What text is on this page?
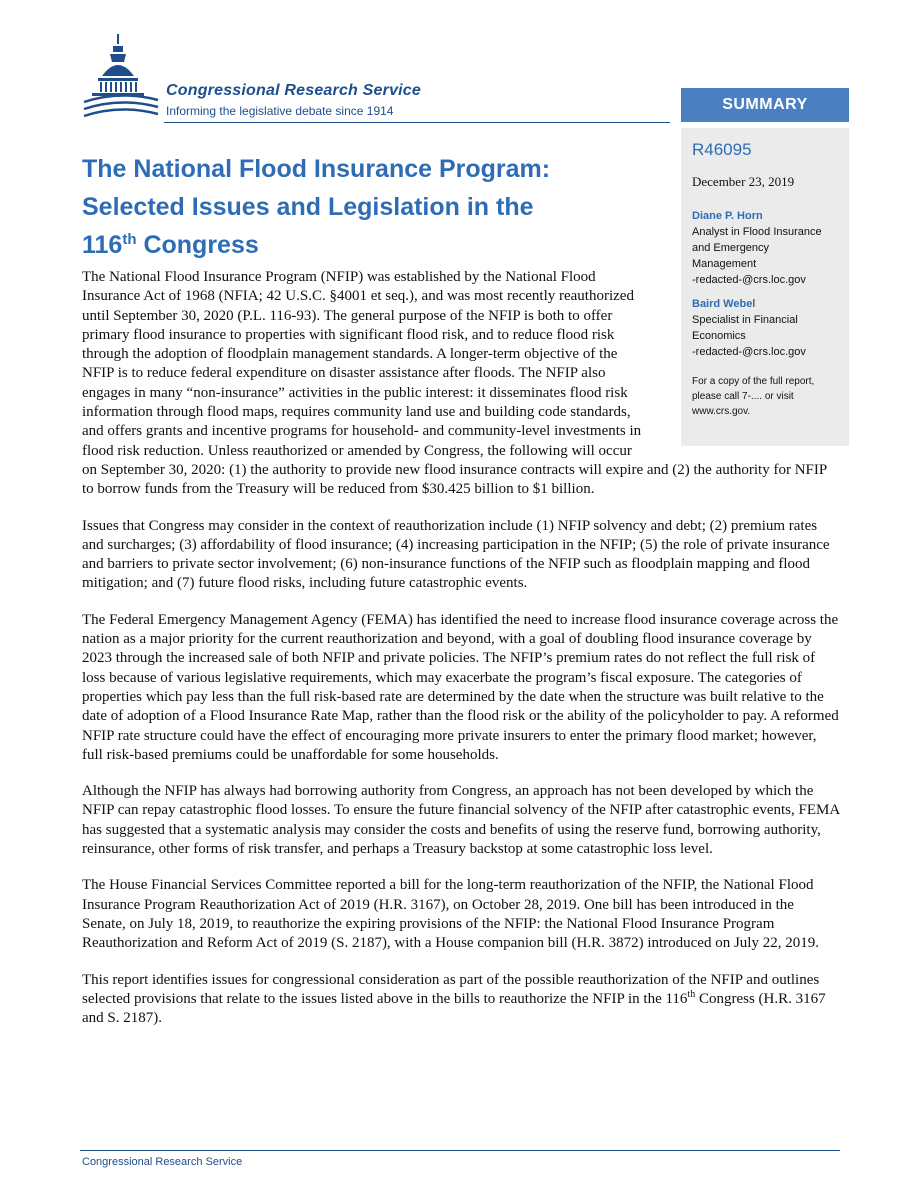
Congressional Research Service
Informing the legislative debate since 1914	SUMMARY
R46095
December 23, 2019
Diane P. Horn
Analyst in Flood Insurance
and Emergency
Management
-redacted-@crs.loc.gov
Baird Webel
Specialist in Financial
Economics
-redacted-@crs.loc.gov
For a copy of the full report,
please call 7-.... or visit
www.crs.gov.
The National Flood Insurance Program:
Selected Issues and Legislation in the
116th Congress

The National Flood Insurance Program (NFIP) was established by the National Flood Insurance Act of 1968 (NFIA; 42 U.S.C. §4001 et seq.), and was most recently reauthorized until September 30, 2020 (P.L. 116-93). The general purpose of the NFIP is both to offer primary flood insurance to properties with significant flood risk, and to reduce flood risk through the adoption of floodplain management standards. A longer-term objective of the NFIP is to reduce federal expenditure on disaster assistance after floods. The NFIP also engages in many “non-insurance” activities in the public interest: it disseminates flood risk information through flood maps, requires community land use and building code standards, and offers grants and incentive programs for household- and community-level investments in flood risk reduction. Unless reauthorized or amended by Congress, the following will occur on September 30, 2020: (1) the authority to provide new flood insurance contracts will expire and (2) the authority for NFIP to borrow funds from the Treasury will be reduced from $30.425 billion to $1 billion.

Issues that Congress may consider in the context of reauthorization include (1) NFIP solvency and debt; (2) premium rates and surcharges; (3) affordability of flood insurance; (4) increasing participation in the NFIP; (5) the role of private insurance and barriers to private sector involvement; (6) non-insurance functions of the NFIP such as floodplain mapping and flood mitigation; and (7) future flood risks, including future catastrophic events.

The Federal Emergency Management Agency (FEMA) has identified the need to increase flood insurance coverage across the nation as a major priority for the current reauthorization and beyond, with a goal of doubling flood insurance coverage by 2023 through the increased sale of both NFIP and private policies. The NFIP’s premium rates do not reflect the full risk of loss because of various legislative requirements, which may exacerbate the program’s fiscal exposure. The categories of properties which pay less than the full risk-based rate are determined by the date when the structure was built relative to the date of adoption of a Flood Insurance Rate Map, rather than the flood risk or the ability of the policyholder to pay. A reformed NFIP rate structure could have the effect of encouraging more private insurers to enter the primary flood market; however, full risk-based premiums could be unaffordable for some households.

Although the NFIP has always had borrowing authority from Congress, an approach has not been developed by which the NFIP can repay catastrophic flood losses. To ensure the future financial solvency of the NFIP after catastrophic events, FEMA has suggested that a systematic analysis may consider the costs and benefits of using the reserve fund, borrowing authority, reinsurance, other forms of risk transfer, and perhaps a Treasury backstop at some catastrophic loss level.

The House Financial Services Committee reported a bill for the long-term reauthorization of the NFIP, the National Flood Insurance Program Reauthorization Act of 2019 (H.R. 3167), on October 28, 2019. One bill has been introduced in the Senate, on July 18, 2019, to reauthorize the expiring provisions of the NFIP: the National Flood Insurance Program Reauthorization and Reform Act of 2019 (S. 2187), with a House companion bill (H.R. 3872) introduced on July 22, 2019.

This report identifies issues for congressional consideration as part of the possible reauthorization of the NFIP and outlines selected provisions that relate to the issues listed above in the bills to reauthorize the NFIP in the 116th Congress (H.R. 3167 and S. 2187).

Congressional Research Service
